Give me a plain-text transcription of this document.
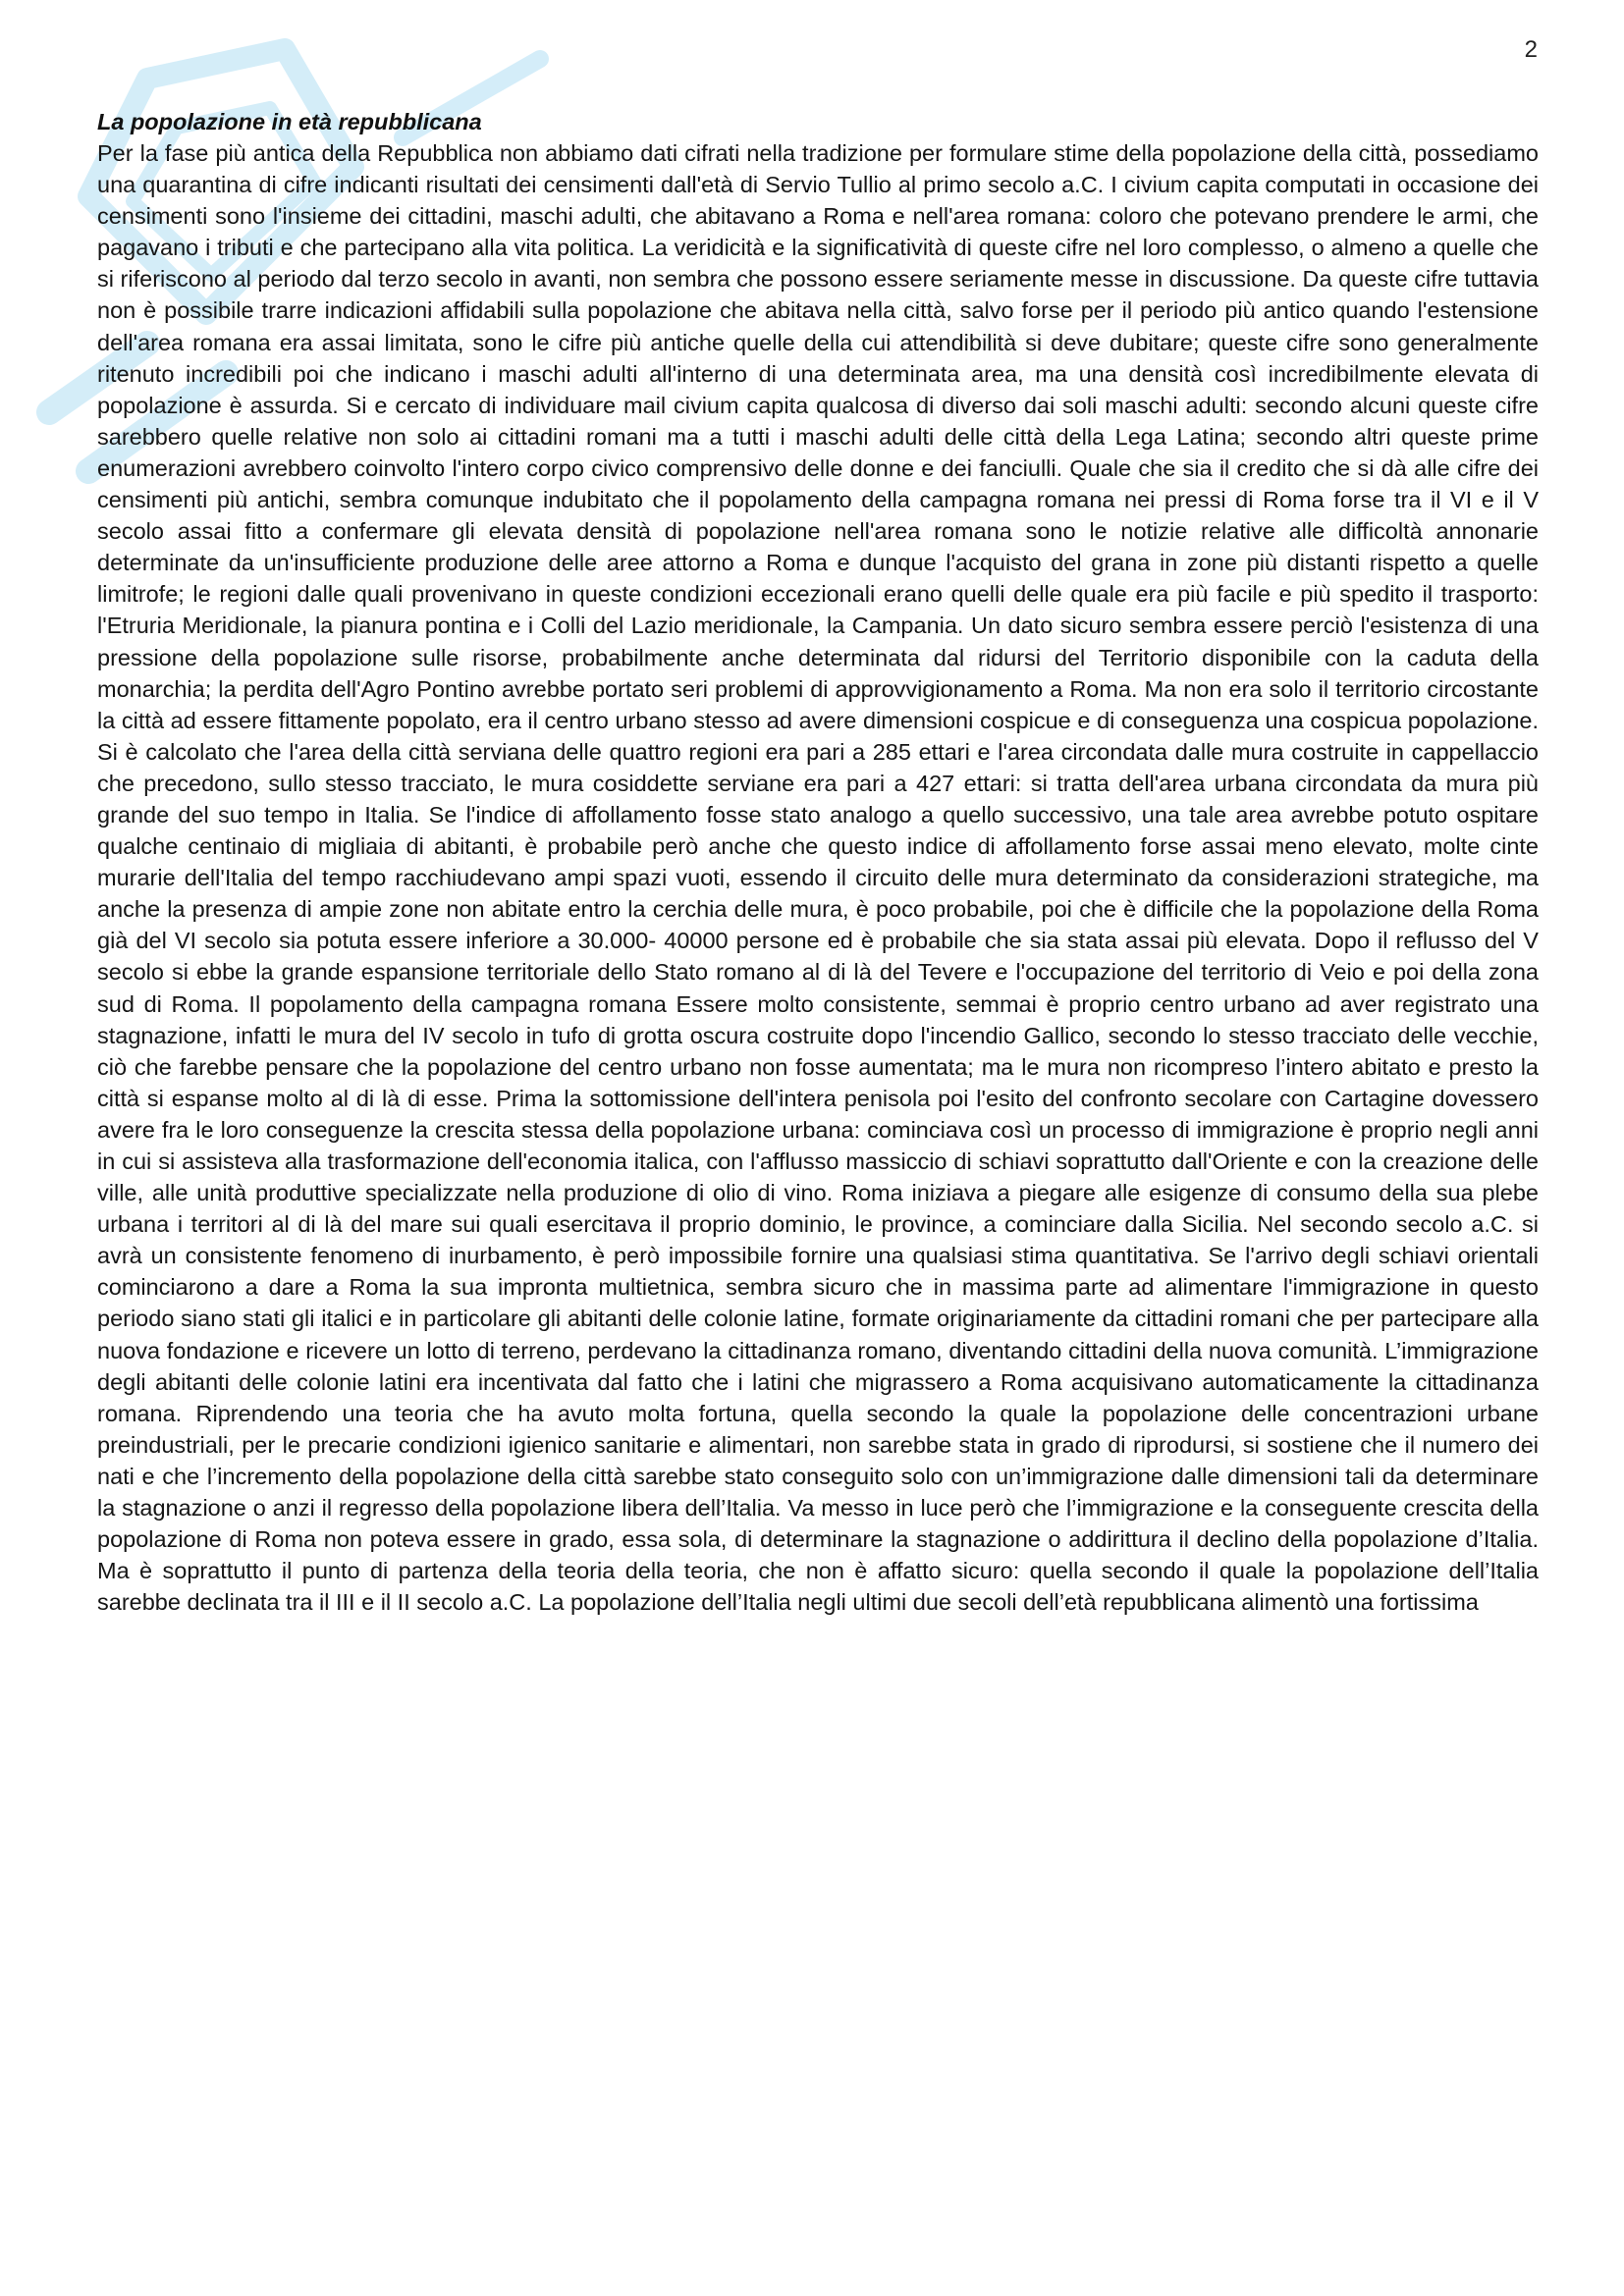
2

La popolazione in età repubblicana

Per la fase più antica della Repubblica non abbiamo dati cifrati nella tradizione per formulare stime della popolazione della città, possediamo una quarantina di cifre indicanti risultati dei censimenti dall'età di Servio Tullio al primo secolo a.C. I civium capita computati in occasione dei censimenti sono l'insieme dei cittadini, maschi adulti, che abitavano a Roma e nell'area romana: coloro che potevano prendere le armi, che pagavano i tributi e che partecipano alla vita politica. La veridicità e la significatività di queste cifre nel loro complesso, o almeno a quelle che si riferiscono al periodo dal terzo secolo in avanti, non sembra che possono essere seriamente messe in discussione. Da queste cifre tuttavia non è possibile trarre indicazioni affidabili sulla popolazione che abitava nella città, salvo forse per il periodo più antico quando l'estensione dell'area romana era assai limitata, sono le cifre più antiche quelle della cui attendibilità si deve dubitare; queste cifre sono generalmente ritenuto incredibili poi che indicano i maschi adulti all'interno di una determinata area, ma una densità così incredibilmente elevata di popolazione è assurda. Si e cercato di individuare mail civium capita qualcosa di diverso dai soli maschi adulti: secondo alcuni queste cifre sarebbero quelle relative non solo ai cittadini romani ma a tutti i maschi adulti delle città della Lega Latina; secondo altri queste prime enumerazioni avrebbero coinvolto l'intero corpo civico comprensivo delle donne e dei fanciulli. Quale che sia il credito che si dà alle cifre dei censimenti più antichi, sembra comunque indubitato che il popolamento della campagna romana nei pressi di Roma forse tra il VI e il V secolo assai fitto a confermare gli elevata densità di popolazione nell'area romana sono le notizie relative alle difficoltà annonarie determinate da un'insufficiente produzione delle aree attorno a Roma e dunque l'acquisto del grana in zone più distanti rispetto a quelle limitrofe; le regioni dalle quali provenivano in queste condizioni eccezionali erano quelli delle quale era più facile e più spedito il trasporto: l'Etruria Meridionale, la pianura pontina e i Colli del Lazio meridionale, la Campania. Un dato sicuro sembra essere perciò l'esistenza di una pressione della popolazione sulle risorse, probabilmente anche determinata dal ridursi del Territorio disponibile con la caduta della monarchia; la perdita dell'Agro Pontino avrebbe portato seri problemi di approvvigionamento a Roma. Ma non era solo il territorio circostante la città ad essere fittamente popolato, era il centro urbano stesso ad avere dimensioni cospicue e di conseguenza una cospicua popolazione. Si è calcolato che l'area della città serviana delle quattro regioni era pari a 285 ettari e l'area circondata dalle mura costruite in cappellaccio che precedono, sullo stesso tracciato, le mura cosiddette serviane era pari a 427 ettari: si tratta dell'area urbana circondata da mura più grande del suo tempo in Italia. Se l'indice di affollamento fosse stato analogo a quello successivo, una tale area avrebbe potuto ospitare qualche centinaio di migliaia di abitanti, è probabile però anche che questo indice di affollamento forse assai meno elevato, molte cinte murarie dell'Italia del tempo racchiudevano ampi spazi vuoti, essendo il circuito delle mura determinato da considerazioni strategiche, ma anche la presenza di ampie zone non abitate entro la cerchia delle mura, è poco probabile, poi che è difficile che la popolazione della Roma già del VI secolo sia potuta essere inferiore a 30.000- 40000 persone ed è probabile che sia stata assai più elevata. Dopo il reflusso del V secolo si ebbe la grande espansione territoriale dello Stato romano al di là del Tevere e l'occupazione del territorio di Veio e poi della zona sud di Roma. Il popolamento della campagna romana Essere molto consistente, semmai è proprio centro urbano ad aver registrato una stagnazione, infatti le mura del IV secolo in tufo di grotta oscura costruite dopo l'incendio Gallico, secondo lo stesso tracciato delle vecchie, ciò che farebbe pensare che la popolazione del centro urbano non fosse aumentata; ma le mura non ricompreso l’intero abitato e presto la città si espanse molto al di là di esse. Prima la sottomissione dell'intera penisola poi l'esito del confronto secolare con Cartagine dovessero avere fra le loro conseguenze la crescita stessa della popolazione urbana: cominciava così un processo di immigrazione è proprio negli anni in cui si assisteva alla trasformazione dell'economia italica, con l'afflusso massiccio di schiavi soprattutto dall'Oriente e con la creazione delle ville, alle unità produttive specializzate nella produzione di olio di vino. Roma iniziava a piegare alle esigenze di consumo della sua plebe urbana i territori al di là del mare sui quali esercitava il proprio dominio, le province, a cominciare dalla Sicilia. Nel secondo secolo a.C. si avrà un consistente fenomeno di inurbamento, è però impossibile fornire una qualsiasi stima quantitativa. Se l'arrivo degli schiavi orientali cominciarono a dare a Roma la sua impronta multietnica, sembra sicuro che in massima parte ad alimentare l'immigrazione in questo periodo siano stati gli italici e in particolare gli abitanti delle colonie latine, formate originariamente da cittadini romani che per partecipare alla nuova fondazione e ricevere un lotto di terreno, perdevano la cittadinanza romano, diventando cittadini della nuova comunità. L’immigrazione degli abitanti delle colonie latini era incentivata dal fatto che i latini che migrassero a Roma acquisivano automaticamente la cittadinanza romana. Riprendendo una teoria che ha avuto molta fortuna, quella secondo la quale la popolazione delle concentrazioni urbane preindustriali, per le precarie condizioni igienico sanitarie e alimentari, non sarebbe stata in grado di riprodursi, si sostiene che il numero dei nati e che l’incremento della popolazione della città sarebbe stato conseguito solo con un’immigrazione dalle dimensioni tali da determinare la stagnazione o anzi il regresso della popolazione libera dell’Italia. Va messo in luce però che l’immigrazione e la conseguente crescita della popolazione di Roma non poteva essere in grado, essa sola, di determinare la stagnazione o addirittura il declino della popolazione d’Italia. Ma è soprattutto il punto di partenza della teoria della teoria, che non è affatto sicuro: quella secondo il quale la popolazione dell’Italia sarebbe declinata tra il III e il II secolo a.C. La popolazione dell’Italia negli ultimi due secoli dell’età repubblicana alimentò una fortissima
